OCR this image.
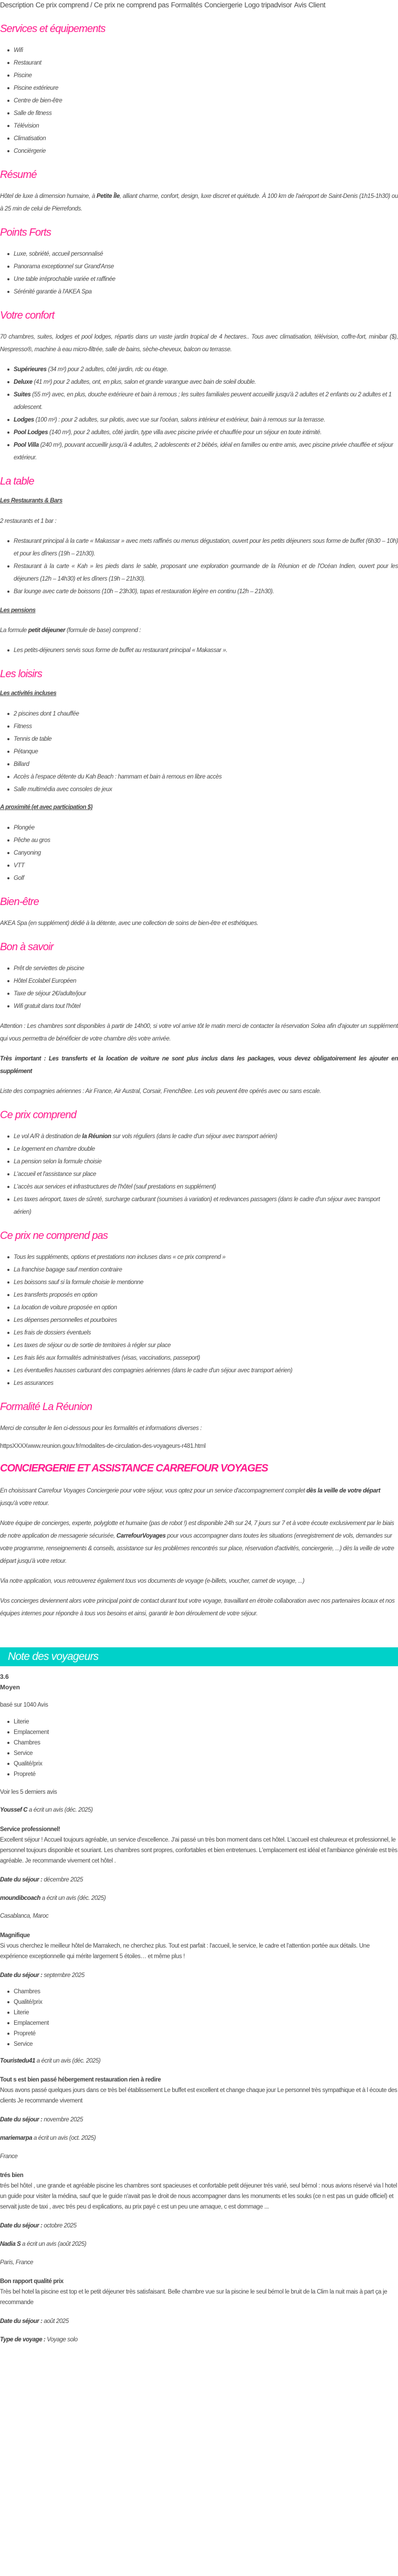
Description Ce prix comprend / Ce prix ne comprend pas Formalités Conciergerie Logo tripadvisor Avis Client
Services et équipements
Wifi
Restaurant
Piscine
Piscine extérieure
Centre de bien-être
Salle de fitness
Télévision
Climatisation
Conciërgerie
Résumé

Hôtel de luxe à dimension humaine, à Petite Île, alliant charme, confort, design, luxe discret et quiétude. À 100 km de l'aéroport de Saint-Denis (1h15-1h30) ou à 25 min de celui de Pierrefonds.

Points Forts
Luxe, sobriété, accueil personnalisé
Panorama exceptionnel sur Grand'Anse
Une table irréprochable variée et raffinée
Sérénité garantie à l'AKEA Spa
Votre confort

70 chambres, suites, lodges et pool lodges, répartis dans un vaste jardin tropical de 4 hectares.. Tous avec climatisation, télévision, coffre-fort, minibar ($), Nespresso®, machine à eau micro-filtrée, salle de bains, sèche-cheveux, balcon ou terrasse.

Supérieures (34 m²) pour 2 adultes, côté jardin, rdc ou étage.
Deluxe (41 m²) pour 2 adultes, ont, en plus, salon et grande varangue avec bain de soleil double.
Suites (55 m²) avec, en plus, douche extérieure et bain à remous ; les suites familiales peuvent accueillir jusqu'à 2 adultes et 2 enfants ou 2 adultes et 1 adolescent.
Lodges (100 m²) : pour 2 adultes, sur pilotis, avec vue sur l'océan, salons intérieur et extérieur, bain à remous sur la terrasse.
Pool Lodges (140 m²), pour 2 adultes, côté jardin, type villa avec piscine privée et chauffée pour un séjour en toute intimité.
Pool Villa (240 m²), pouvant accueillir jusqu'à 4 adultes, 2 adolescents et 2 bébés, idéal en familles ou entre amis, avec piscine privée chauffée et séjour extérieur.
La table
Les Restaurants & Bars

2 restaurants et 1 bar :

Restaurant principal à la carte « Makassar » avec mets raffinés ou menus dégustation, ouvert pour les petits déjeuners sous forme de buffet (6h30 – 10h) et pour les dîners (19h – 21h30).
Restaurant à la carte « Kah » les pieds dans le sable, proposant une exploration gourmande de la Réunion et de l'Océan Indien, ouvert pour les déjeuners (12h – 14h30) et les dîners (19h – 21h30).
Bar lounge avec carte de boissons (10h – 23h30), tapas et restauration légère en continu (12h – 21h30).
Les pensions

La formule petit déjeuner (formule de base) comprend :

Les petits-déjeuners servis sous forme de buffet au restaurant principal « Makassar ».
Les loisirs
Les activités incluses
2 piscines dont 1 chauffée
Fitness
Tennis de table
Pétanque
Billard
Accès à l'espace détente du Kah Beach : hammam et bain à remous en libre accès
Salle multimédia avec consoles de jeux
A proximité (et avec participation $)
Plongée
Pêche au gros
Canyoning
VTT
Golf
Bien-être

AKEA Spa (en supplément) dédié à la détente, avec une collection de soins de bien-être et esthétiques.

Bon à savoir
Prêt de serviettes de piscine
Hôtel Ecolabel Européen
Taxe de séjour 2€/adulte/jour
Wifi gratuit dans tout l'hôtel

Attention : Les chambres sont disponibles à partir de 14h00, si votre vol arrive tôt le matin merci de contacter la réservation Solea afin d'ajouter un supplément qui vous permettra de bénéficier de votre chambre dès votre arrivée.

Très important : Les transferts et la location de voiture ne sont plus inclus dans les packages, vous devez obligatoirement les ajouter en supplément

Liste des compagnies aériennes : Air France, Air Austral, Corsair, FrenchBee. Les vols peuvent être opérés avec ou sans escale.

Ce prix comprend
Le vol A/R à destination de la Réunion sur vols réguliers (dans le cadre d'un séjour avec transport aérien)
Le logement en chambre double
La pension selon la formule choisie
L'accueil et l'assistance sur place
L'accès aux services et infrastructures de l'hôtel (sauf prestations en supplément)
Les taxes aéroport, taxes de sûreté, surcharge carburant (soumises à variation) et redevances passagers (dans le cadre d'un séjour avec transport aérien)
Ce prix ne comprend pas
Tous les suppléments, options et prestations non incluses dans « ce prix comprend »
La franchise bagage sauf mention contraire
Les boissons sauf si la formule choisie le mentionne
Les transferts proposés en option
La location de voiture proposée en option
Les dépenses personnelles et pourboires
Les frais de dossiers éventuels
Les taxes de séjour ou de sortie de territoires à régler sur place
Les frais liés aux formalités administratives (visas, vaccinations, passeport)
Les éventuelles hausses carburant des compagnies aériennes (dans le cadre d'un séjour avec transport aérien)
Les assurances
Formalité La Réunion

Merci de consulter le lien ci-dessous pour les formalités et informations diverses :

httpsXXXXwww.reunion.gouv.fr/modalites-de-circulation-des-voyageurs-r481.html
CONCIERGERIE ET ASSISTANCE CARREFOUR VOYAGES

En choisissant Carrefour Voyages Conciergerie pour votre séjour, vous optez pour un service d'accompagnement complet dès la veille de votre départ jusqu'à votre retour.

Notre équipe de concierges, experte, polyglotte et humaine (pas de robot !) est disponible 24h sur 24, 7 jours sur 7 et à votre écoute exclusivement par le biais de notre application de messagerie sécurisée, CarrefourVoyages pour vous accompagner dans toutes les situations (enregistrement de vols, demandes sur votre programme, renseignements & conseils, assistance sur les problèmes rencontrés sur place, réservation d'activités, conciergerie, ...) dès la veille de votre départ jusqu'à votre retour.

Via notre application, vous retrouverez également tous vos documents de voyage (e-billets, voucher, carnet de voyage, ...)

Vos concierges deviennent alors votre principal point de contact durant tout votre voyage, travaillant en étroite collaboration avec nos partenaires locaux et nos équipes internes pour répondre à tous vos besoins et ainsi, garantir le bon déroulement de votre séjour.

Note des voyageurs
3.6
Moyen
basé sur 1040 Avis
Literie
Emplacement
Chambres
Service
Qualité/prix
Propreté
Voir les 5 derniers avis
Youssef C a écrit un avis (déc. 2025)
Service professionnel!
Excellent séjour ! Accueil toujours agréable, un service d'excellence. J'ai passé un très bon moment dans cet hôtel. L'accueil est chaleureux et professionnel, le personnel toujours disponible et souriant. Les chambres sont propres, confortables et bien entretenues. L'emplacement est idéal et l'ambiance générale est très agréable. Je recommande vivement cet hôtel .
Date du séjour : décembre 2025
moundibcoach a écrit un avis (déc. 2025)
Casablanca, Maroc
Magnifique
Si vous cherchez le meilleur hôtel de Marrakech, ne cherchez plus. Tout est parfait : l'accueil, le service, le cadre et l'attention portée aux détails. Une expérience exceptionnelle qui mérite largement 5 étoiles… et même plus !
Date du séjour : septembre 2025
Chambres
Qualité/prix
Literie
Emplacement
Propreté
Service
Touristedu41 a écrit un avis (déc. 2025)
Tout s est bien passé hébergement restauration rien à redire
Nous avons passé quelques jours dans ce très bel établissement Le buffet est excellent et change chaque jour Le personnel très sympathique et à l écoute des clients Je recommande vivement
Date du séjour : novembre 2025
mariemarpa a écrit un avis (oct. 2025)
France
trés bien
trés bel hôtel , une grande et agréable piscine les chambres sont spacieuses et confortable petit déjeuner trés varié, seul bémol : nous avions réservé via l hotel un guide pour visiter la médina, sauf que le guide n'avait pas le droit de nous accompagner dans les monuments et les souks (ce n est pas un guide officiel) et servait juste de taxi , avec trés peu d explications, au prix payé c est un peu une arnaque, c est dommage ...
Date du séjour : octobre 2025
Nadia S a écrit un avis (août 2025)
Paris, France
Bon rapport qualité prix
Très bel hotel la piscine est top et le petit déjeuner très satisfaisant. Belle chambre vue sur la piscine le seul bémol le bruit de la Clim la nuit mais à part ça je recommande
Date du séjour : août 2025
Type de voyage : Voyage solo
